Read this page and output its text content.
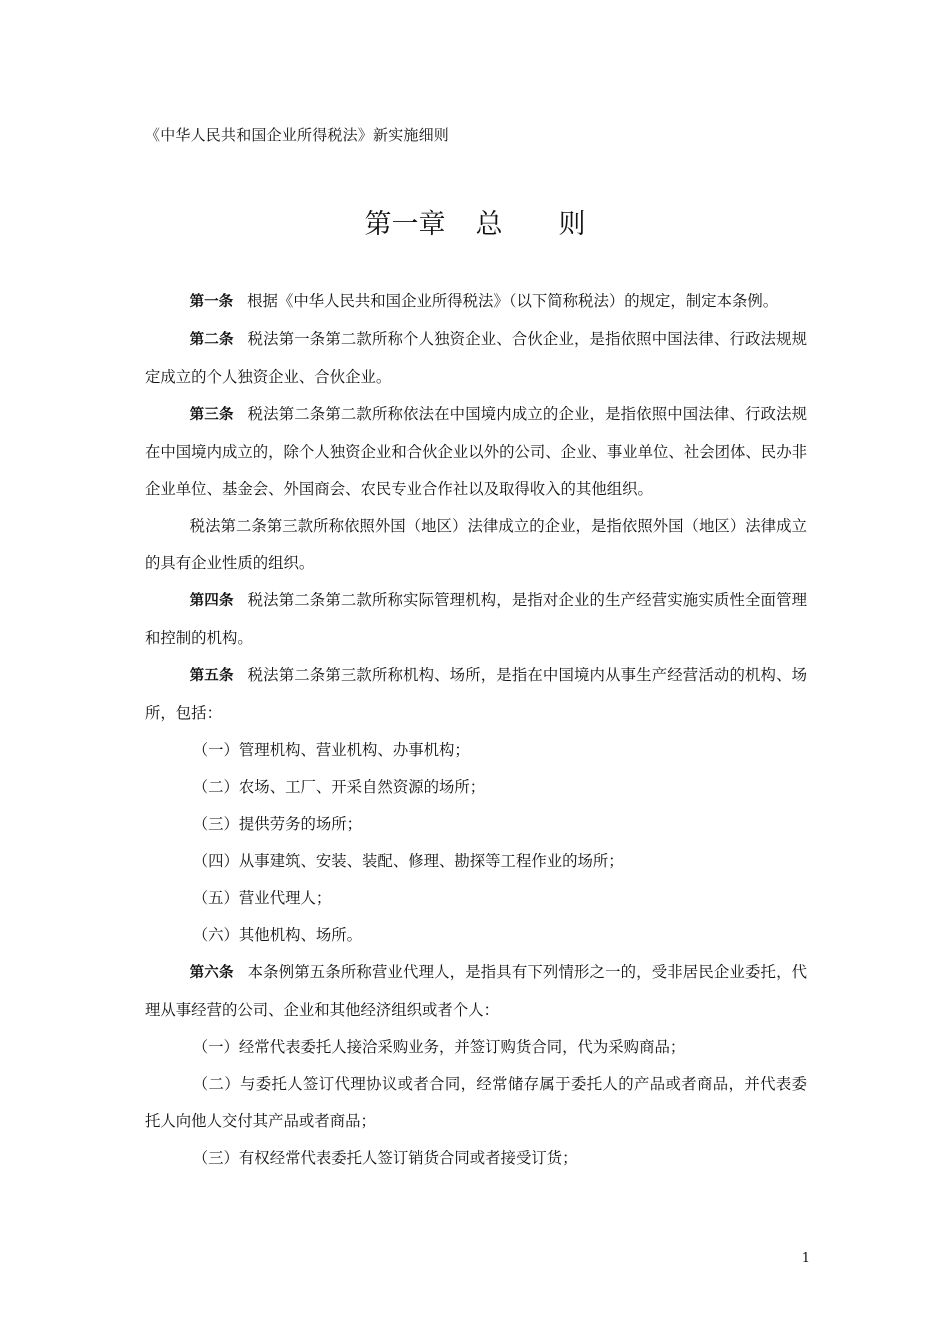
《中华人民共和国企业所得税法》新实施细则
第一章 总 则

第一条 根据《中华人民共和国企业所得税法》（以下简称税法）的规定，制定本条例。

第二条 税法第一条第二款所称个人独资企业、合伙企业，是指依照中国法律、行政法规规定成立的个人独资企业、合伙企业。

第三条 税法第二条第二款所称依法在中国境内成立的企业，是指依照中国法律、行政法规在中国境内成立的，除个人独资企业和合伙企业以外的公司、企业、事业单位、社会团体、民办非企业单位、基金会、外国商会、农民专业合作社以及取得收入的其他组织。

税法第二条第三款所称依照外国（地区）法律成立的企业，是指依照外国（地区）法律成立的具有企业性质的组织。

第四条 税法第二条第二款所称实际管理机构，是指对企业的生产经营实施实质性全面管理和控制的机构。

第五条 税法第二条第三款所称机构、场所，是指在中国境内从事生产经营活动的机构、场所，包括：

（一）管理机构、营业机构、办事机构；

（二）农场、工厂、开采自然资源的场所；

（三）提供劳务的场所；

（四）从事建筑、安装、装配、修理、勘探等工程作业的场所；

（五）营业代理人；

（六）其他机构、场所。

第六条 本条例第五条所称营业代理人，是指具有下列情形之一的，受非居民企业委托，代理从事经营的公司、企业和其他经济组织或者个人：

（一）经常代表委托人接洽采购业务，并签订购货合同，代为采购商品；

（二）与委托人签订代理协议或者合同，经常储存属于委托人的产品或者商品，并代表委托人向他人交付其产品或者商品；

（三）有权经常代表委托人签订销货合同或者接受订货；

1
